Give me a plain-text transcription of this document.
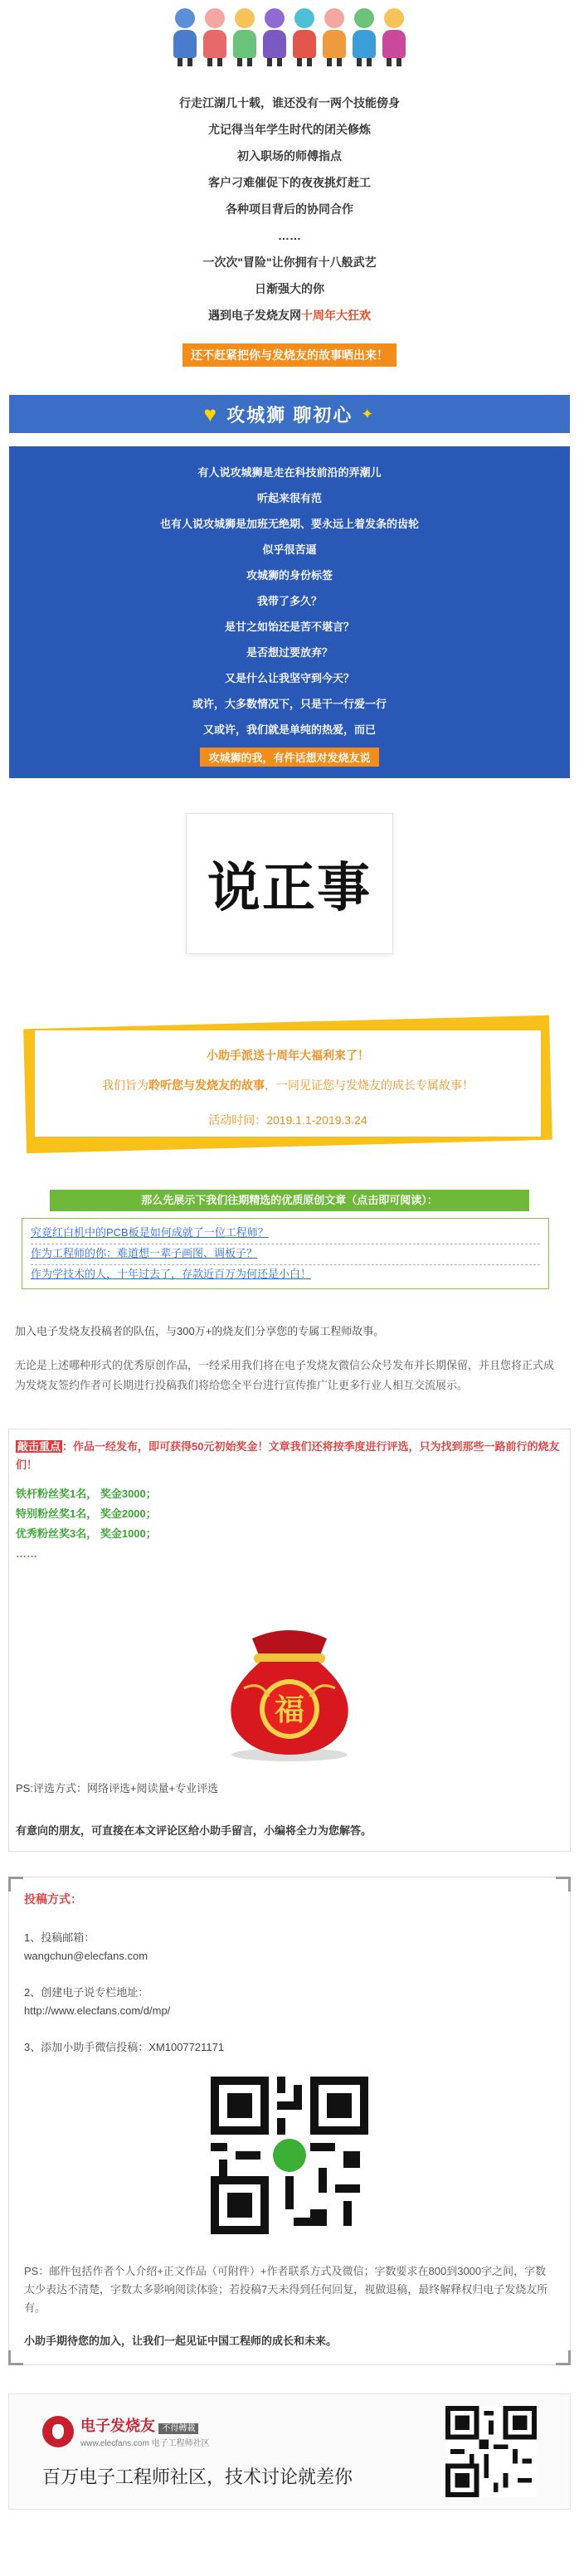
行走江湖几十载，谁还没有一两个技能傍身

尤记得当年学生时代的闭关修炼

初入职场的师傅指点

客户刁难催促下的夜夜挑灯赶工

各种项目背后的协同合作

……

一次次"冒险"让你拥有十八般武艺

日渐强大的你

遇到电子发烧友网十周年大狂欢

还不赶紧把你与发烧友的故事晒出来！
♥ 攻城狮 聊初心 ✦

有人说攻城狮是走在科技前沿的弄潮儿

听起来很有范

也有人说攻城狮是加班无绝期、要永远上着发条的齿轮

似乎很苦逼

攻城狮的身份标签

我带了多久？

是甘之如饴还是苦不堪言？

是否想过要放弃？

又是什么让我坚守到今天？

或许，大多数情况下，只是干一行爱一行

又或许，我们就是单纯的热爱，而已

攻城狮的我，有件话想对发烧友说
说正事
小助手派送十周年大福利来了！
我们旨为聆听您与发烧友的故事，一同见证您与发烧友的成长专属故事！
活动时间：2019.1.1-2019.3.24
那么先展示下我们往期精选的优质原创文章（点击即可阅读）：
究竟红白机中的PCB板是如何成就了一位工程师？
作为工程师的你：难道想一辈子画图、调板子？
作为学技术的人，十年过去了，存款近百万为何还是小白！

加入电子发烧友投稿者的队伍，与300万+的烧友们分享您的专属工程师故事。

无论是上述哪种形式的优秀原创作品，一经采用我们将在电子发烧友微信公众号发布并长期保留，并且您将正式成为发烧友签约作者可长期进行投稿我们将给您全平台进行宣传推广让更多行业人相互交流展示。

敲击重点 ：作品一经发布，即可获得50元初始奖金！文章我们还将按季度进行评选，只为找到那些一路前行的烧友们！

铁杆粉丝奖1名， 奖金3000；

特别粉丝奖1名， 奖金2000；

优秀粉丝奖3名， 奖金1000；

……

福

PS:评选方式：网络评选+阅读量+专业评选

有意向的朋友，可直接在本文评论区给小助手留言，小编将全力为您解答。

投稿方式：

1、投稿邮箱：

wangchun@elecfans.com

2、创建电子说专栏地址：

http://www.elecfans.com/d/mp/

3、添加小助手微信投稿：XM1007721171

PS：邮件包括作者个人介绍+正文作品（可附件）+作者联系方式及微信；字数要求在800到3000字之间，字数太少表达不清楚，字数太多影响阅读体验；若投稿7天未得到任何回复，视做退稿，最终解释权归电子发烧友所有。

小助手期待您的加入，让我们一起见证中国工程师的成长和未来。

电子发烧友 不得轉載
www.elecfans.com 电子工程师社区
百万电子工程师社区，技术讨论就差你
